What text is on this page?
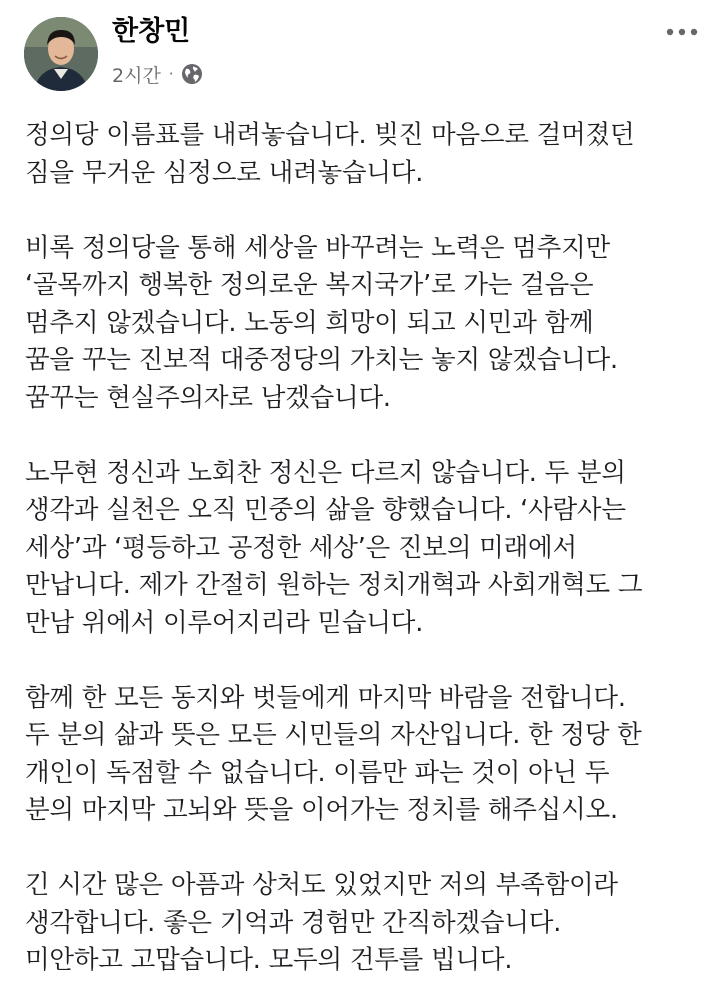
한창민
2시간 ·

정의당 이름표를 내려놓습니다. 빚진 마음으로 걸머졌던
짐을 무거운 심정으로 내려놓습니다.

비록 정의당을 통해 세상을 바꾸려는 노력은 멈추지만
‘골목까지 행복한 정의로운 복지국가’로 가는 걸음은
멈추지 않겠습니다. 노동의 희망이 되고 시민과 함께
꿈을 꾸는 진보적 대중정당의 가치는 놓지 않겠습니다.
꿈꾸는 현실주의자로 남겠습니다.

노무현 정신과 노회찬 정신은 다르지 않습니다. 두 분의
생각과 실천은 오직 민중의 삶을 향했습니다. ‘사람사는
세상’과 ‘평등하고 공정한 세상’은 진보의 미래에서
만납니다. 제가 간절히 원하는 정치개혁과 사회개혁도 그
만남 위에서 이루어지리라 믿습니다.

함께 한 모든 동지와 벗들에게 마지막 바람을 전합니다.
두 분의 삶과 뜻은 모든 시민들의 자산입니다. 한 정당 한
개인이 독점할 수 없습니다. 이름만 파는 것이 아닌 두
분의 마지막 고뇌와 뜻을 이어가는 정치를 해주십시오.

긴 시간 많은 아픔과 상처도 있었지만 저의 부족함이라
생각합니다. 좋은 기억과 경험만 간직하겠습니다.
미안하고 고맙습니다. 모두의 건투를 빕니다.
